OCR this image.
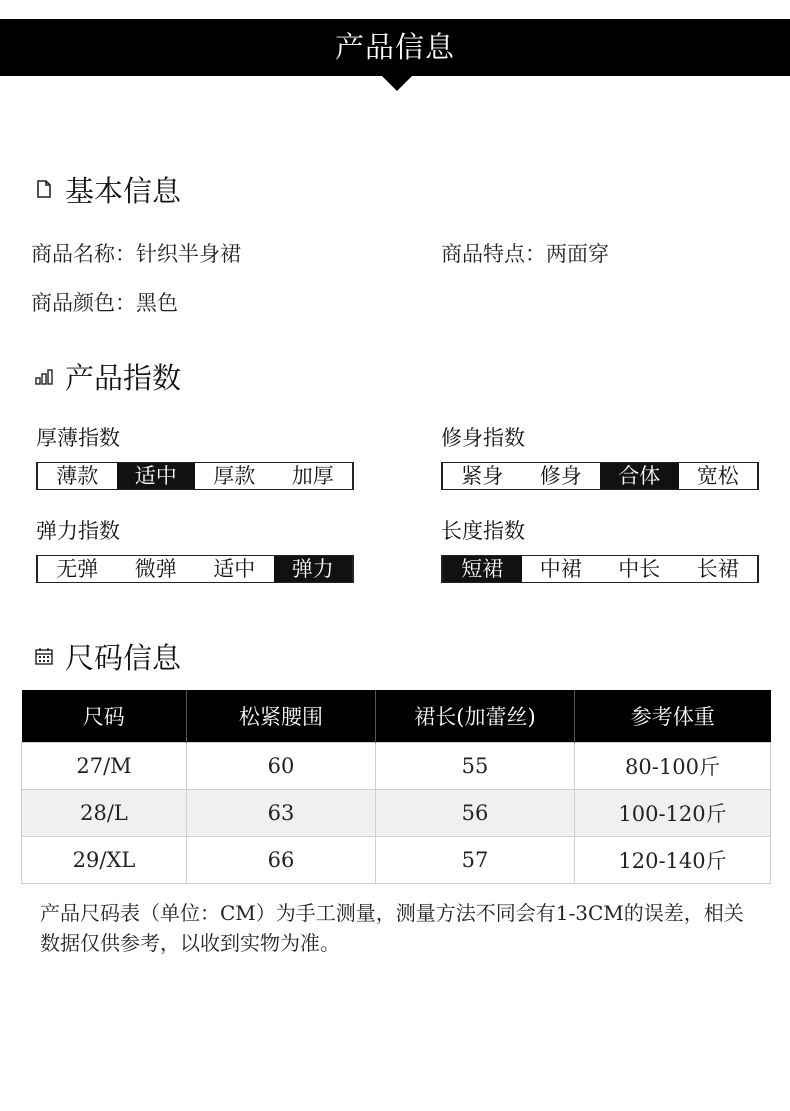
产品信息
基本信息
商品名称：针织半身裙	商品特点：两面穿
商品颜色：黑色
产品指数
厚薄指数
薄款	适中	厚款	加厚
修身指数
紧身	修身	合体	宽松
弹力指数
无弹	微弹	适中	弹力
长度指数
短裙	中裙	中长	长裙
尺码信息
尺码	松紧腰围	裙长(加蕾丝)	参考体重
27/M	60	55	80-100斤
28/L	63	56	100-120斤
29/XL	66	57	120-140斤
产品尺码表（单位：CM）为手工测量，测量方法不同会有1-3CM的误差，相关数据仅供参考，以收到实物为准。
